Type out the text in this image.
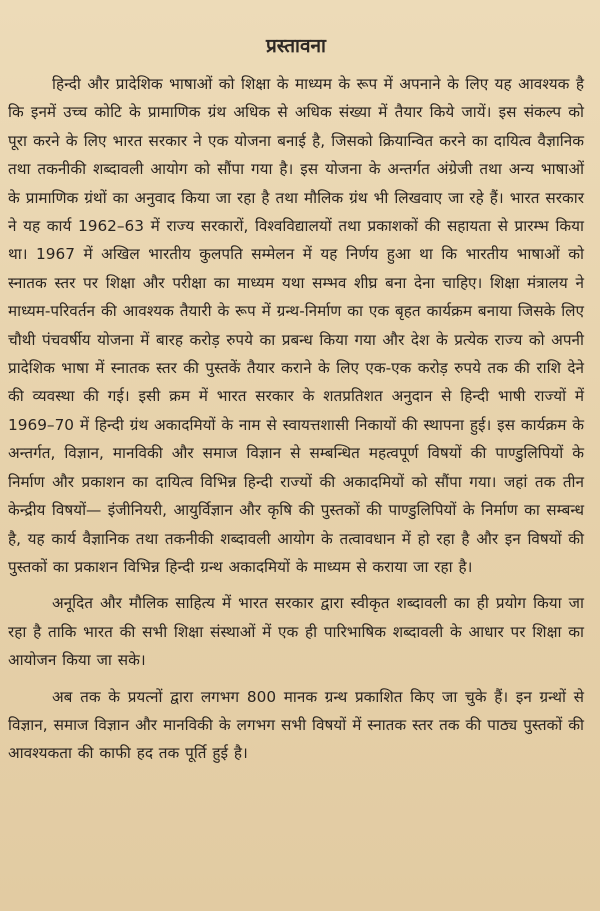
प्रस्तावना

हिन्दी और प्रादेशिक भाषाओं को शिक्षा के माध्यम के रूप में अपनाने के लिए यह आवश्यक है कि इनमें उच्च कोटि के प्रामाणिक ग्रंथ अधिक से अधिक संख्या में तैयार किये जायें। इस संकल्प को पूरा करने के लिए भारत सरकार ने एक योजना बनाई है, जिसको क्रियान्वित करने का दायित्व वैज्ञानिक तथा तकनीकी शब्दावली आयोग को सौंपा गया है। इस योजना के अन्तर्गत अंग्रेजी तथा अन्य भाषाओं के प्रामाणिक ग्रंथों का अनुवाद किया जा रहा है तथा मौलिक ग्रंथ भी लिखवाए जा रहे हैं। भारत सरकार ने यह कार्य 1962–63 में राज्य सरकारों, विश्वविद्यालयों तथा प्रकाशकों की सहायता से प्रारम्भ किया था। 1967 में अखिल भारतीय कुलपति सम्मेलन में यह निर्णय हुआ था कि भारतीय भाषाओं को स्नातक स्तर पर शिक्षा और परीक्षा का माध्यम यथा सम्भव शीघ्र बना देना चाहिए। शिक्षा मंत्रालय ने माध्यम-परिवर्तन की आवश्यक तैयारी के रूप में ग्रन्थ-निर्माण का एक बृहत कार्यक्रम बनाया जिसके लिए चौथी पंचवर्षीय योजना में बारह करोड़ रुपये का प्रबन्ध किया गया और देश के प्रत्येक राज्य को अपनी प्रादेशिक भाषा में स्नातक स्तर की पुस्तकें तैयार कराने के लिए एक-एक करोड़ रुपये तक की राशि देने की व्यवस्था की गई। इसी क्रम में भारत सरकार के शतप्रतिशत अनुदान से हिन्दी भाषी राज्यों में 1969–70 में हिन्दी ग्रंथ अकादमियों के नाम से स्वायत्तशासी निकायों की स्थापना हुई। इस कार्यक्रम के अन्तर्गत, विज्ञान, मानविकी और समाज विज्ञान से सम्बन्धित महत्वपूर्ण विषयों की पाण्डुलिपियों के निर्माण और प्रकाशन का दायित्व विभिन्न हिन्दी राज्यों की अकादमियों को सौंपा गया। जहां तक तीन केन्द्रीय विषयों— इंजीनियरी, आयुर्विज्ञान और कृषि की पुस्तकों की पाण्डुलिपियों के निर्माण का सम्बन्ध है, यह कार्य वैज्ञानिक तथा तकनीकी शब्दावली आयोग के तत्वावधान में हो रहा है और इन विषयों की पुस्तकों का प्रकाशन विभिन्न हिन्दी ग्रन्थ अकादमियों के माध्यम से कराया जा रहा है।

अनूदित और मौलिक साहित्य में भारत सरकार द्वारा स्वीकृत शब्दावली का ही प्रयोग किया जा रहा है ताकि भारत की सभी शिक्षा संस्थाओं में एक ही पारिभाषिक शब्दावली के आधार पर शिक्षा का आयोजन किया जा सके।

अब तक के प्रयत्नों द्वारा लगभग 800 मानक ग्रन्थ प्रकाशित किए जा चुके हैं। इन ग्रन्थों से विज्ञान, समाज विज्ञान और मानविकी के लगभग सभी विषयों में स्नातक स्तर तक की पाठ्य पुस्तकों की आवश्यकता की काफी हद तक पूर्ति हुई है।
